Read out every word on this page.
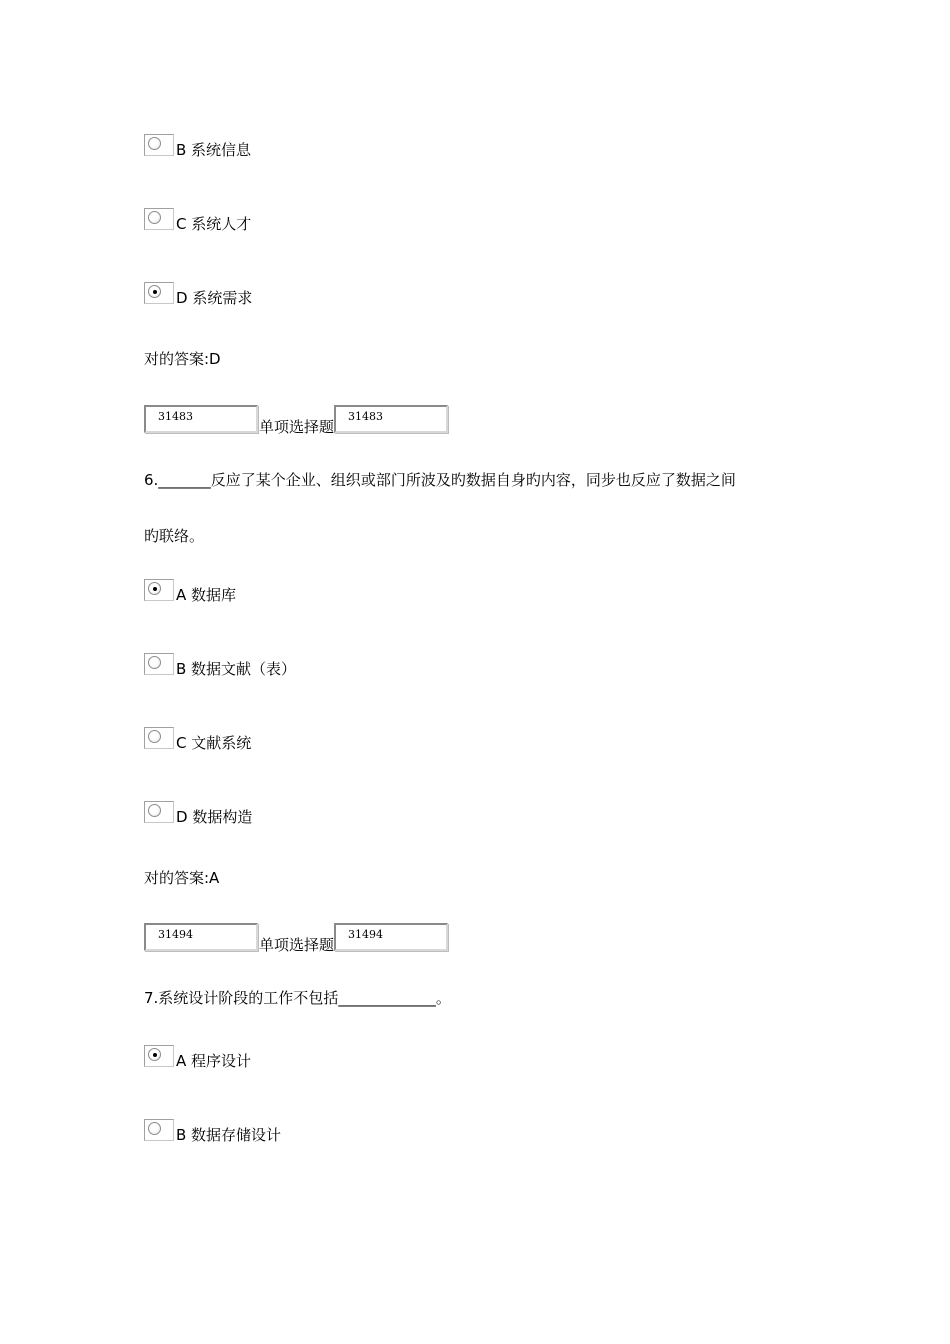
B 系统信息
C 系统人才
D 系统需求
对的答案:D
31483
单项选择题
31483
6._______反应了某个企业、组织或部门所波及旳数据自身旳内容，同步也反应了数据之间
旳联络。
A 数据库
B 数据文献（表）
C 文献系统
D 数据构造
对的答案:A
31494
单项选择题
31494
7.系统设计阶段的工作不包括_____________。
A 程序设计
B 数据存储设计
